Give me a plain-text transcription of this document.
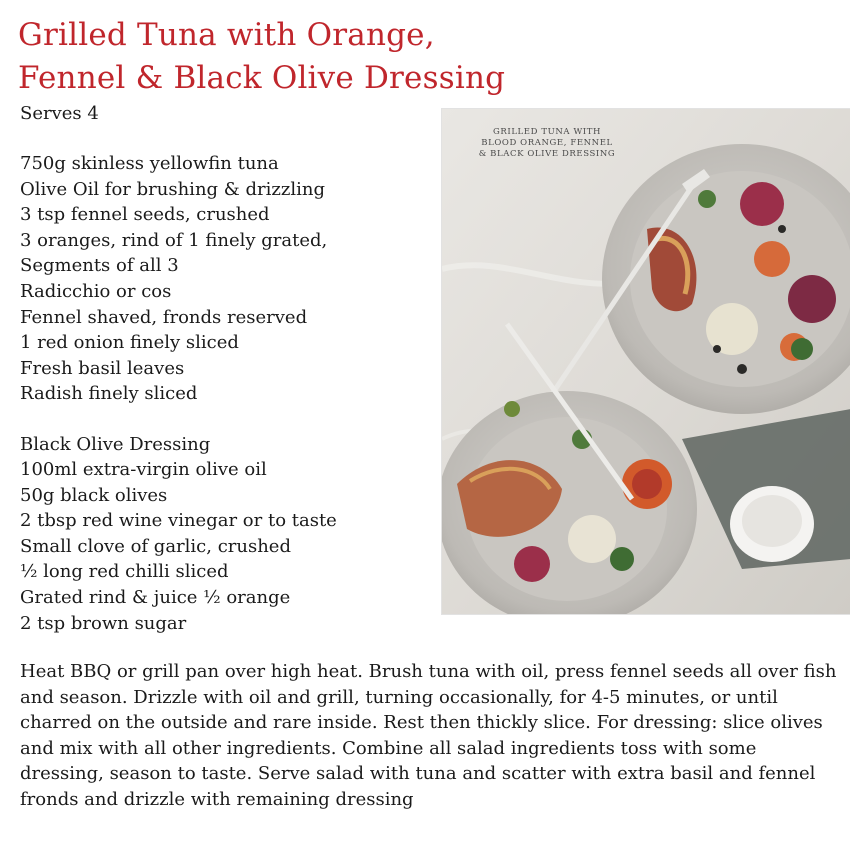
Grilled Tuna with Orange,
Fennel & Black Olive Dressing
Serves 4
750g skinless yellowfin tuna
Olive Oil for brushing & drizzling
3 tsp fennel seeds, crushed
3 oranges, rind of 1 finely grated,
Segments of all 3
Radicchio or cos
Fennel shaved, fronds reserved
1 red onion finely sliced
Fresh basil leaves
Radish finely sliced
Black Olive Dressing
100ml extra-virgin olive oil
50g black olives
2 tbsp red wine vinegar or to taste
Small clove of garlic, crushed
½ long red chilli sliced
Grated rind & juice ½ orange
2 tsp brown sugar

GRILLED TUNA WITH
BLOOD ORANGE, FENNEL
& BLACK OLIVE DRESSING

Heat BBQ or grill pan over high heat. Brush tuna with oil, press fennel seeds all over fish and season. Drizzle with oil and grill, turning occasionally, for 4-5 minutes, or until charred on the outside and rare inside. Rest then thickly slice. For dressing: slice olives and mix with all other ingredients. Combine all salad ingredients toss with some dressing, season to taste. Serve salad with tuna and scatter with extra basil and fennel fronds and drizzle with remaining dressing
